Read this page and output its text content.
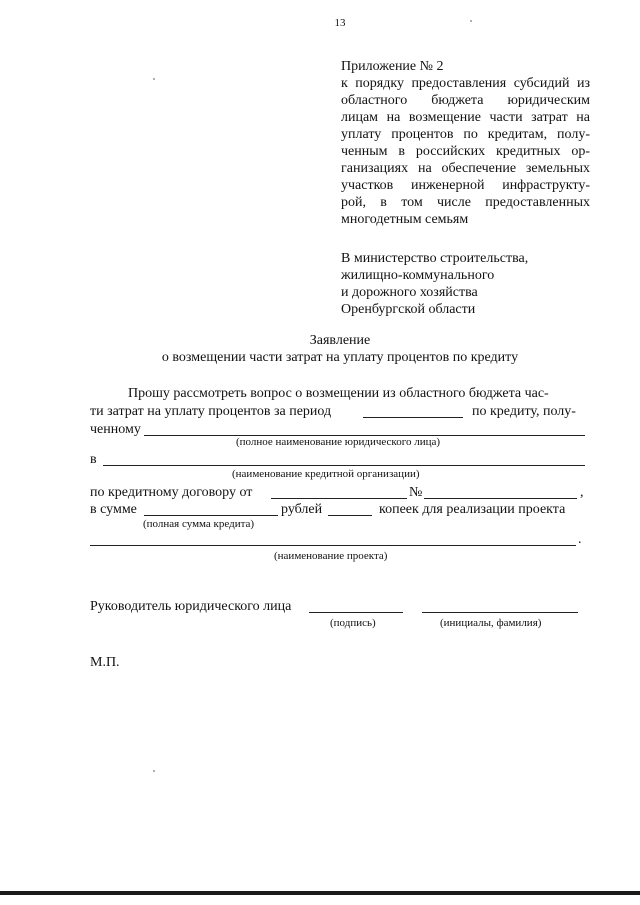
13
Приложение № 2
к порядку предоставления субсидий из
областного бюджета юридическим
лицам на возмещение части затрат на
уплату процентов по кредитам, полу-
ченным в российских кредитных ор-
ганизациях на обеспечение земельных
участков инженерной инфраструкту-
рой, в том числе предоставленных
многодетным семьям
В министерство строительства,
жилищно-коммунального
и дорожного хозяйства
Оренбургской области
Заявление
о возмещении части затрат на уплату процентов по кредиту
Прошу рассмотреть вопрос о возмещении из областного бюджета час-
ти затрат на уплату процентов за период	по кредиту, полу-
ченному
(полное наименование юридического лица)
в
(наименование кредитной организации)
по кредитному договору от	№	,
в сумме	рублей	копеек для реализации проекта
(полная сумма кредита)
.
(наименование проекта)
Руководитель юридического лица
(подпись)	(инициалы, фамилия)
М.П.
